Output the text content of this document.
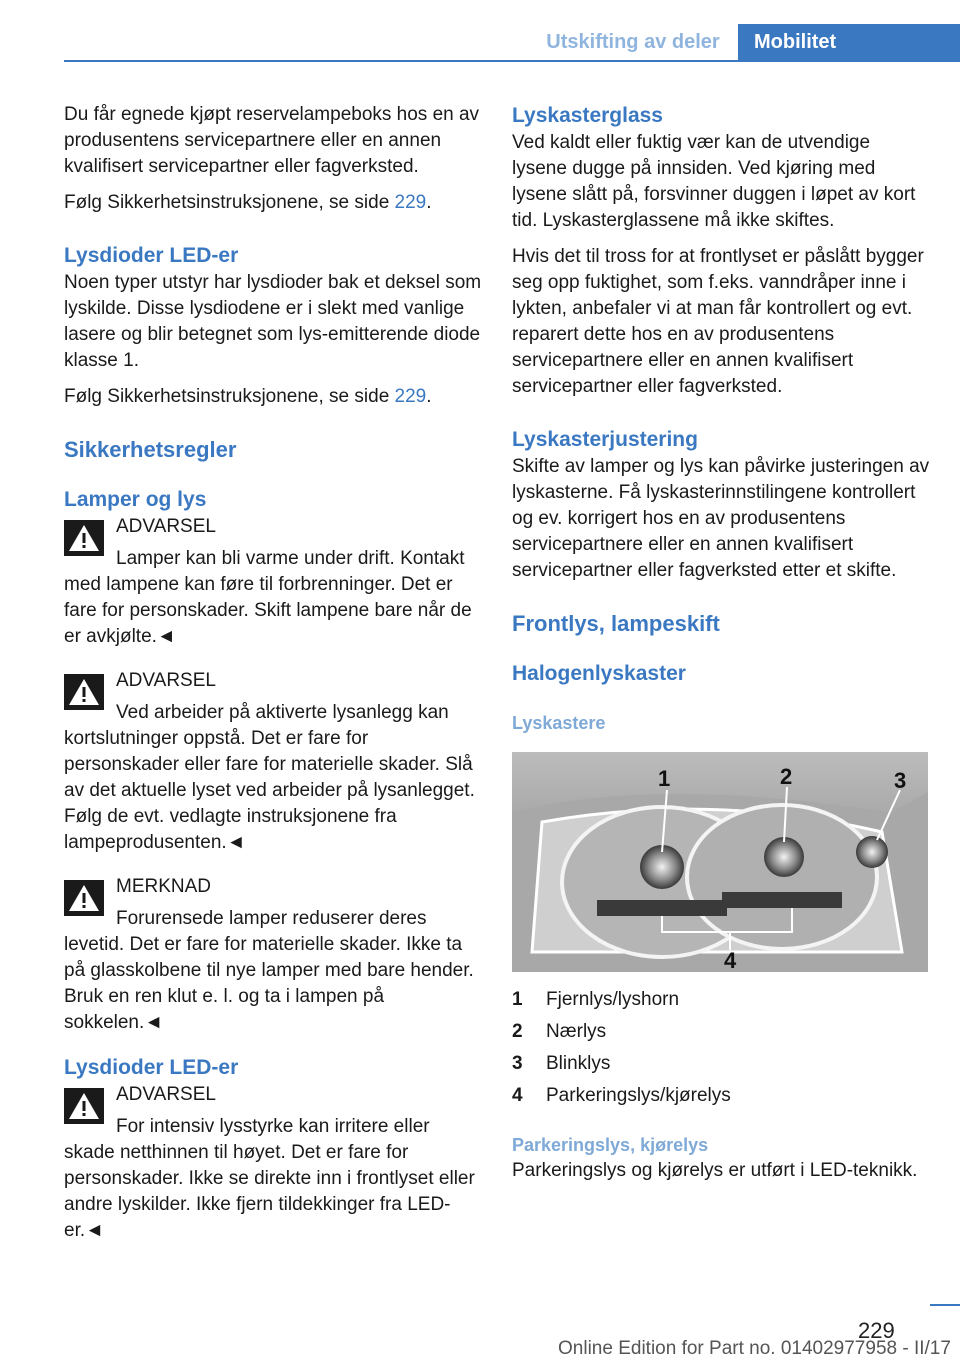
Utskifting av deler	Mobilitet

Du får egnede kjøpt reservelampeboks hos en av produsentens servicepartnere eller en annen kvalifisert servicepartner eller fagverksted.

Følg Sikkerhetsinstruksjonene, se side 229.

Lysdioder LED-er

Noen typer utstyr har lysdioder bak et deksel som lyskilde. Disse lysdiodene er i slekt med vanlige lasere og blir betegnet som lys-emitterende diode klasse 1.

Følg Sikkerhetsinstruksjonene, se side 229.

Sikkerhetsregler
Lamper og lys

ADVARSEL

Lamper kan bli varme under drift. Kontakt med lampene kan føre til forbrenninger. Det er fare for personskader. Skift lampene bare når de er avkjølte.◄

ADVARSEL

Ved arbeider på aktiverte lysanlegg kan kortslutninger oppstå. Det er fare for personskader eller fare for materielle skader. Slå av det aktuelle lyset ved arbeider på lysanlegget. Følg de evt. vedlagte instruksjonene fra lampeprodusenten.◄

MERKNAD

Forurensede lamper reduserer deres levetid. Det er fare for materielle skader. Ikke ta på glasskolbene til nye lamper med bare hender. Bruk en ren klut e. l. og ta i lampen på sokkelen.◄

Lysdioder LED-er

ADVARSEL

For intensiv lysstyrke kan irritere eller skade netthinnen til høyet. Det er fare for personskader. Ikke se direkte inn i frontlyset eller andre lyskilder. Ikke fjern tildekkinger fra LED-er.◄

Lyskasterglass

Ved kaldt eller fuktig vær kan de utvendige lysene dugge på innsiden. Ved kjøring med lysene slått på, forsvinner duggen i løpet av kort tid. Lyskasterglassene må ikke skiftes.

Hvis det til tross for at frontlyset er påslått bygger seg opp fuktighet, som f.eks. vanndråper inne i lykten, anbefaler vi at man får kontrollert og evt. reparert dette hos en av produsentens servicepartnere eller en annen kvalifisert servicepartner eller fagverksted.

Lyskasterjustering

Skifte av lamper og lys kan påvirke justeringen av lyskasterne. Få lyskasterinnstilingene kontrollert og ev. korrigert hos en av produsentens servicepartnere eller en annen kvalifisert servicepartner eller fagverksted etter et skifte.

Frontlys, lampeskift
Halogenlyskaster
Lyskastere
1	2	3
4
1	Fjernlys/lyshorn
2	Nærlys
3	Blinklys
4	Parkeringslys/kjørelys
Parkeringslys, kjørelys

Parkeringslys og kjørelys er utført i LED-teknikk.

229
Online Edition for Part no. 01402977958 - II/17
